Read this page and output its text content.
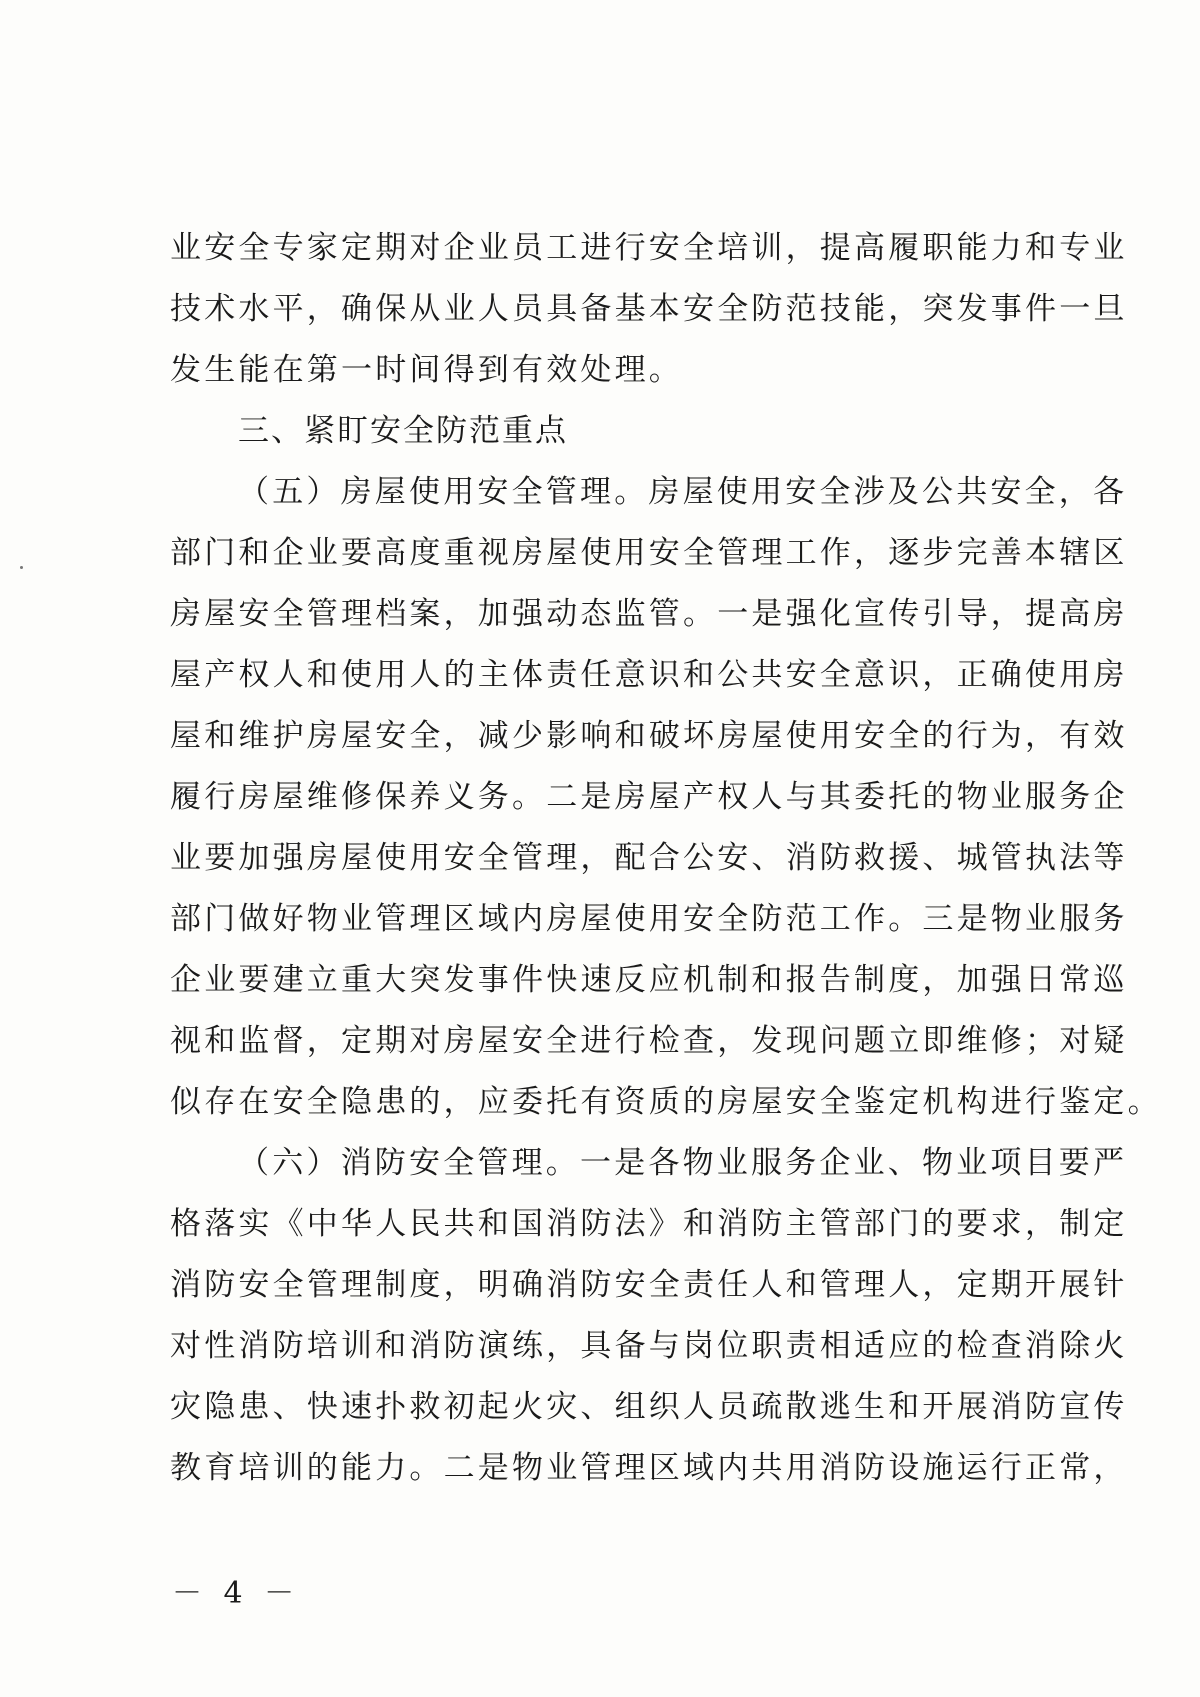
业安全专家定期对企业员工进行安全培训，提高履职能力和专业
技术水平，确保从业人员具备基本安全防范技能，突发事件一旦
发生能在第一时间得到有效处理。
三、紧盯安全防范重点
（五）房屋使用安全管理。房屋使用安全涉及公共安全，各
部门和企业要高度重视房屋使用安全管理工作，逐步完善本辖区
房屋安全管理档案，加强动态监管。一是强化宣传引导，提高房
屋产权人和使用人的主体责任意识和公共安全意识，正确使用房
屋和维护房屋安全，减少影响和破坏房屋使用安全的行为，有效
履行房屋维修保养义务。二是房屋产权人与其委托的物业服务企
业要加强房屋使用安全管理，配合公安、消防救援、城管执法等
部门做好物业管理区域内房屋使用安全防范工作。三是物业服务
企业要建立重大突发事件快速反应机制和报告制度，加强日常巡
视和监督，定期对房屋安全进行检查，发现问题立即维修；对疑
似存在安全隐患的，应委托有资质的房屋安全鉴定机构进行鉴定。
（六）消防安全管理。一是各物业服务企业、物业项目要严
格落实《中华人民共和国消防法》和消防主管部门的要求，制定
消防安全管理制度，明确消防安全责任人和管理人，定期开展针
对性消防培训和消防演练，具备与岗位职责相适应的检查消除火
灾隐患、快速扑救初起火灾、组织人员疏散逃生和开展消防宣传
教育培训的能力。二是物业管理区域内共用消防设施运行正常，
－ 4 －
